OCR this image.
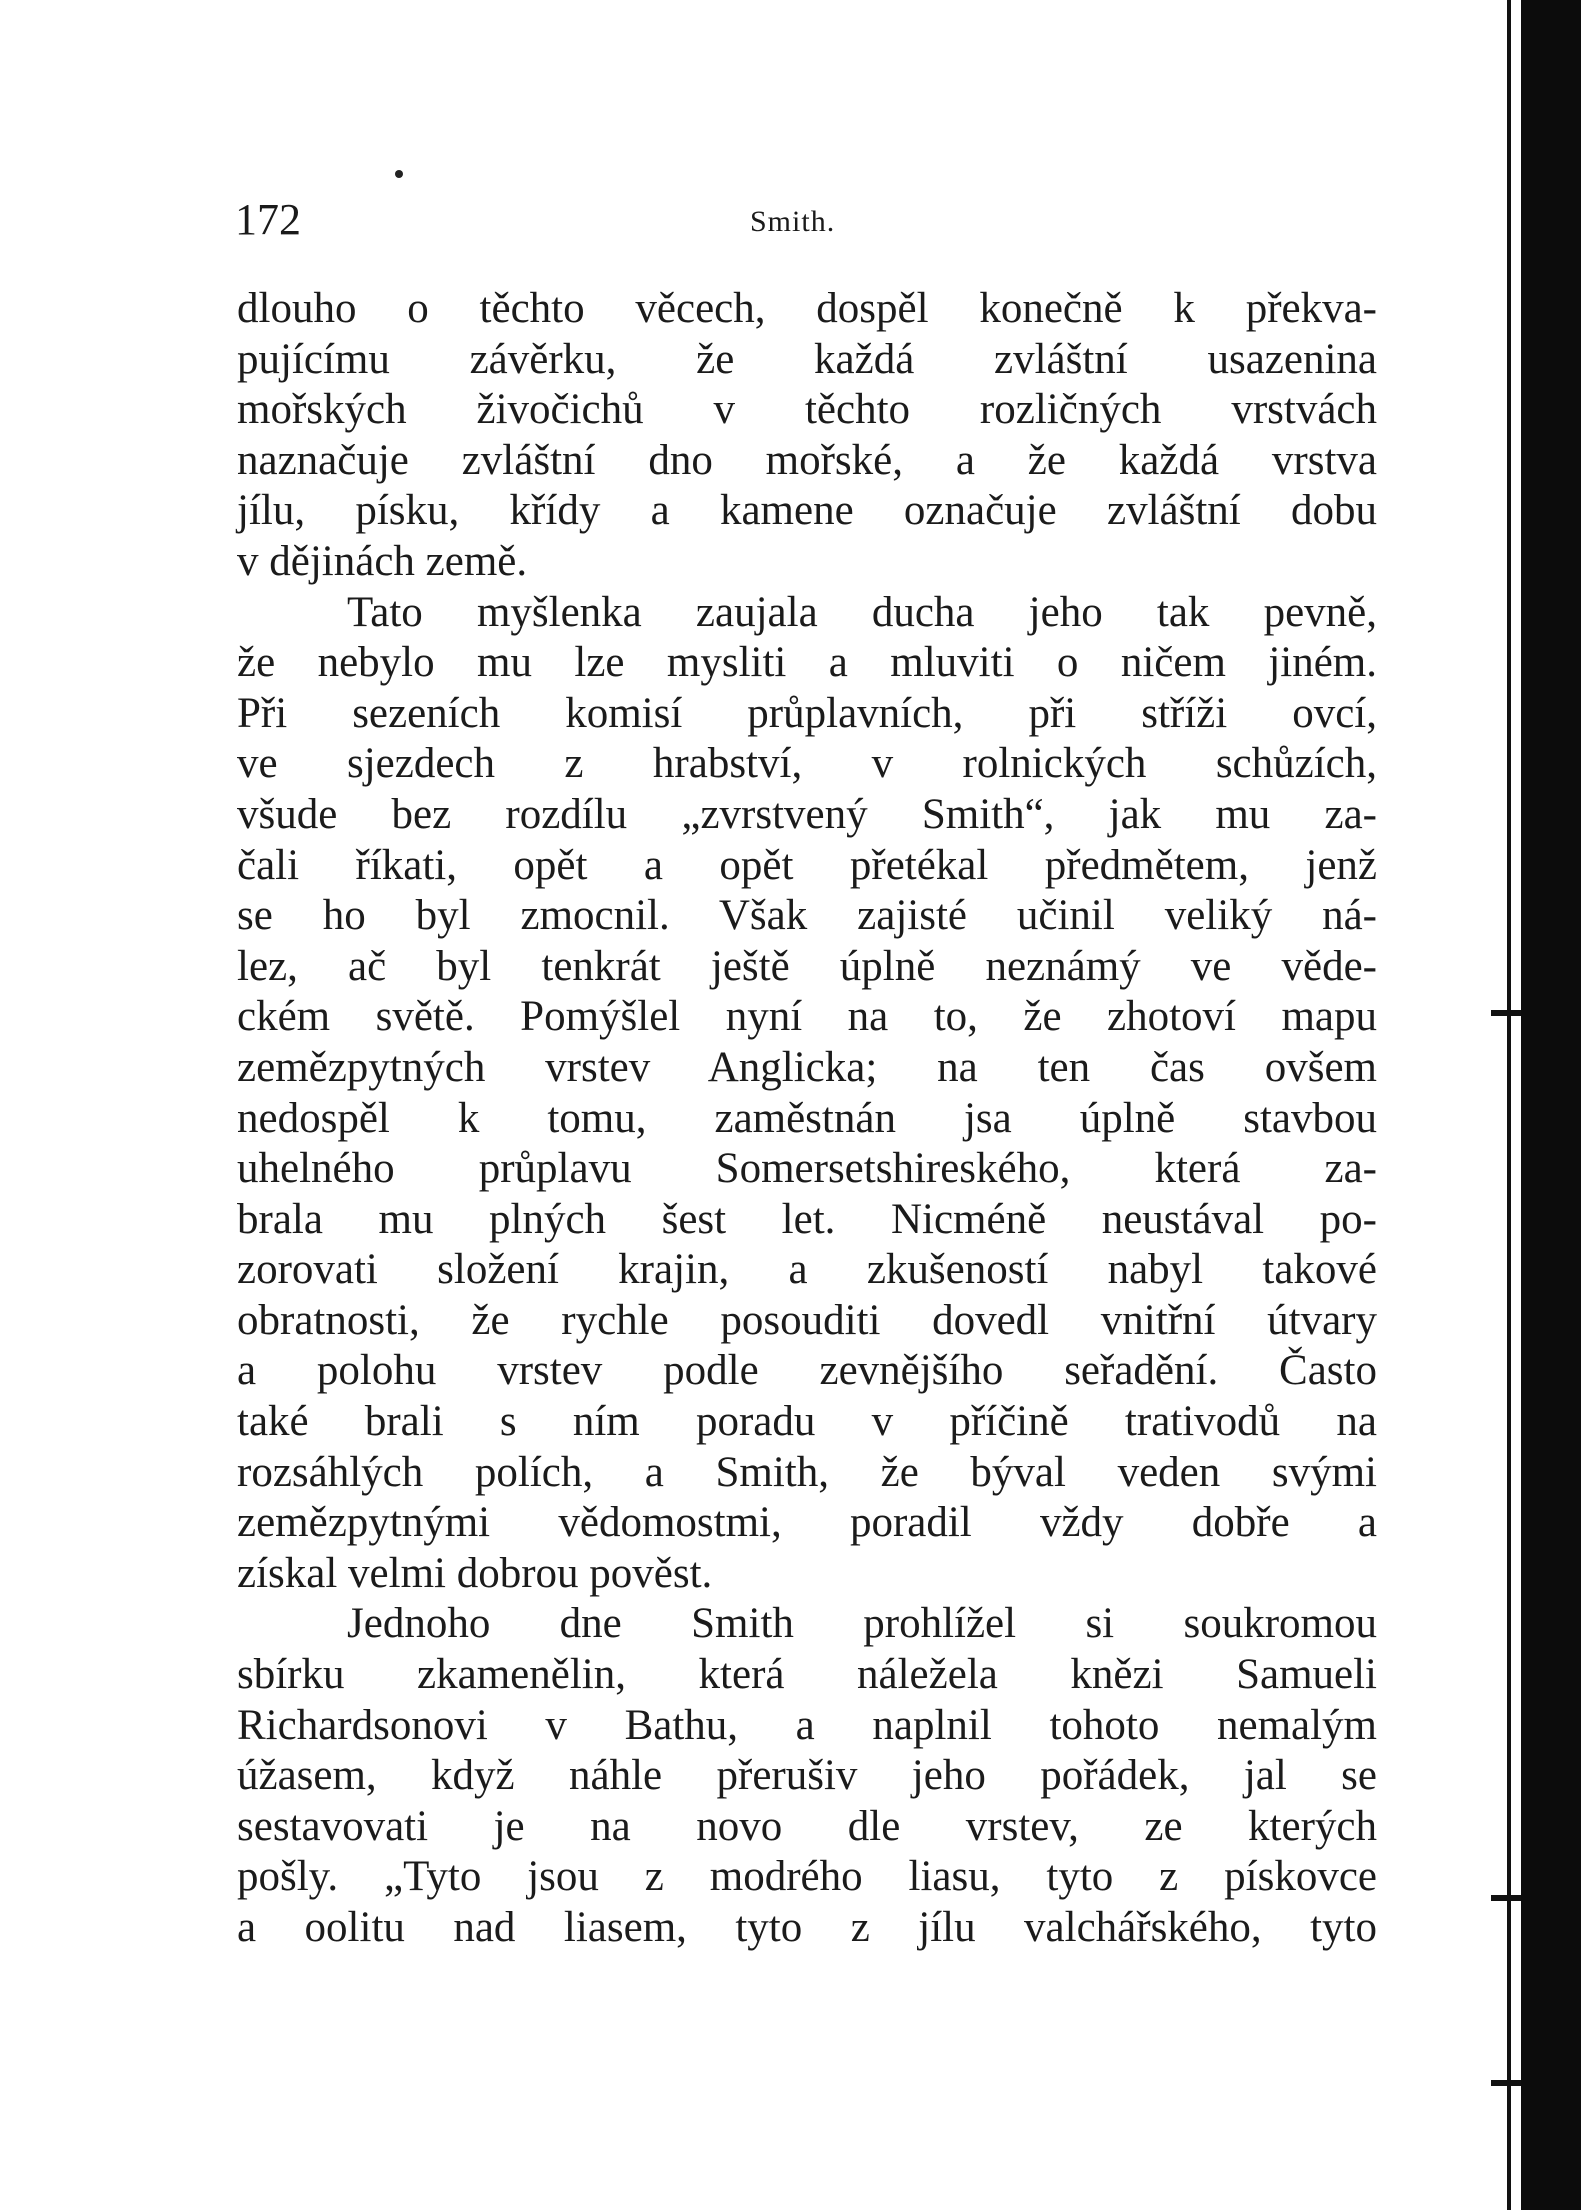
172	Smith.
dlouho o těchto věcech, dospěl konečně k překva-
pujícímu závěrku, že každá zvláštní usazenina
mořských živočichů v těchto rozličných vrstvách
naznačuje zvláštní dno mořské, a že každá vrstva
jílu, písku, křídy a kamene označuje zvláštní dobu
v dějinách země.
Tato myšlenka zaujala ducha jeho tak pevně,
že nebylo mu lze mysliti a mluviti o ničem jiném.
Při sezeních komisí průplavních, při stříži ovcí,
ve sjezdech z hrabství, v rolnických schůzích,
všude bez rozdílu „zvrstvený Smith“, jak mu za-
čali říkati, opět a opět přetékal předmětem, jenž
se ho byl zmocnil. Však zajisté učinil veliký ná-
lez, ač byl tenkrát ještě úplně neznámý ve věde-
ckém světě. Pomýšlel nyní na to, že zhotoví mapu
zemězpytných vrstev Anglicka; na ten čas ovšem
nedospěl k tomu, zaměstnán jsa úplně stavbou
uhelného průplavu Somersetshireského, která za-
brala mu plných šest let. Nicméně neustával po-
zorovati složení krajin, a zkušeností nabyl takové
obratnosti, že rychle posouditi dovedl vnitřní útvary
a polohu vrstev podle zevnějšího seřadění. Často
také brali s ním poradu v příčině trativodů na
rozsáhlých polích, a Smith, že býval veden svými
zemězpytnými vědomostmi, poradil vždy dobře a
získal velmi dobrou pověst.
Jednoho dne Smith prohlížel si soukromou
sbírku zkamenělin, která náležela knězi Samueli
Richardsonovi v Bathu, a naplnil tohoto nemalým
úžasem, když náhle přerušiv jeho pořádek, jal se
sestavovati je na novo dle vrstev, ze kterých
pošly. „Tyto jsou z modrého liasu, tyto z pískovce
a oolitu nad liasem, tyto z jílu valchářského, tyto
